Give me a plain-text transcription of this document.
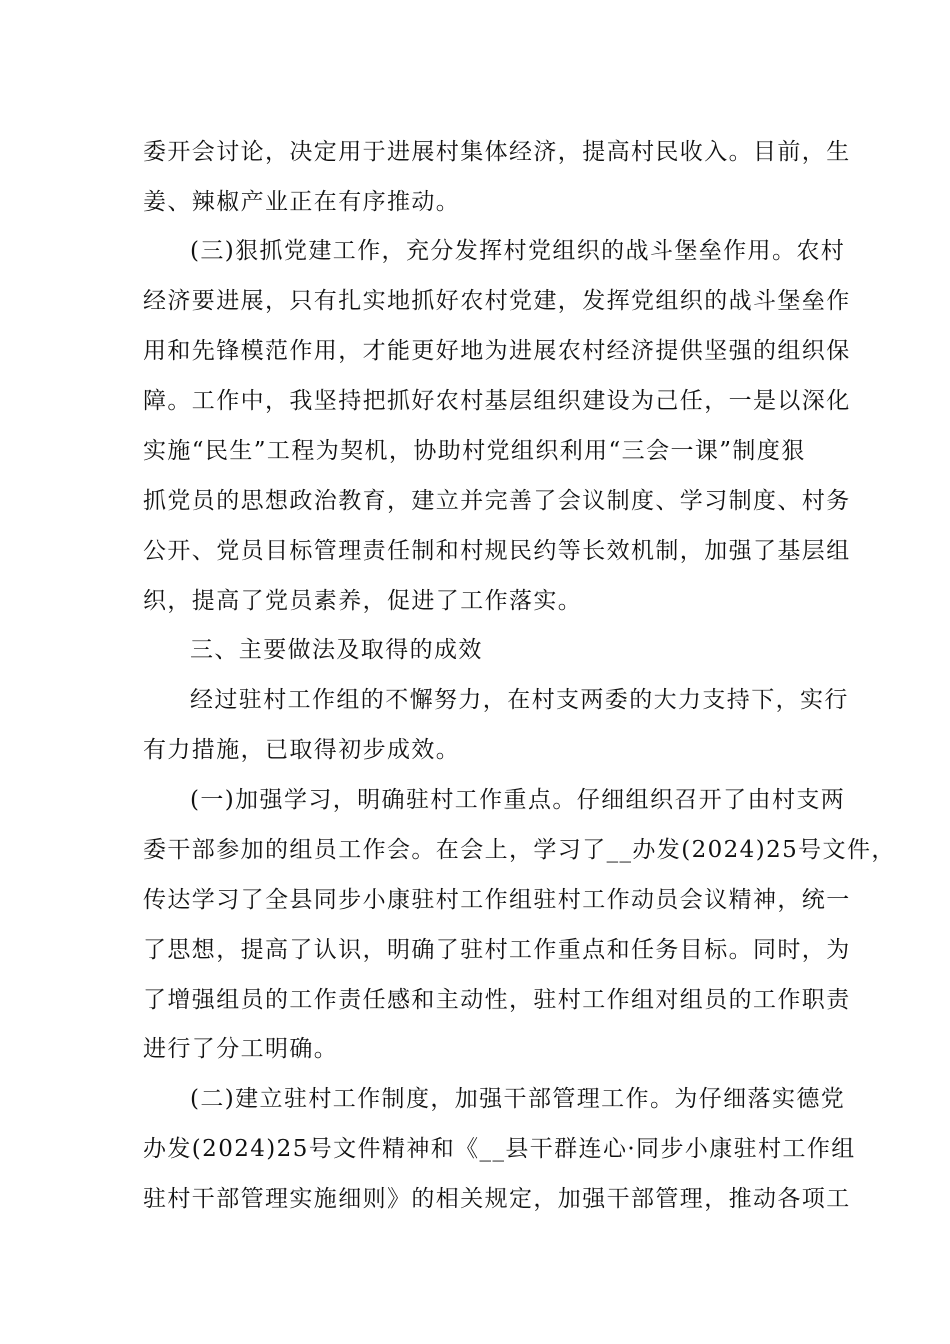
委开会讨论，决定用于进展村集体经济，提高村民收入。目前，生
姜、辣椒产业正在有序推动。
(三)狠抓党建工作，充分发挥村党组织的战斗堡垒作用。农村
经济要进展，只有扎实地抓好农村党建，发挥党组织的战斗堡垒作
用和先锋模范作用，才能更好地为进展农村经济提供坚强的组织保
障。工作中，我坚持把抓好农村基层组织建设为己任，一是以深化
实施“民生”工程为契机，协助村党组织利用“三会一课”制度狠
抓党员的思想政治教育，建立并完善了会议制度、学习制度、村务
公开、党员目标管理责任制和村规民约等长效机制，加强了基层组
织，提高了党员素养，促进了工作落实。
三、主要做法及取得的成效
经过驻村工作组的不懈努力，在村支两委的大力支持下，实行
有力措施，已取得初步成效。
(一)加强学习，明确驻村工作重点。仔细组织召开了由村支两
委干部参加的组员工作会。在会上，学习了__办发(2024)25号文件，
传达学习了全县同步小康驻村工作组驻村工作动员会议精神，统一
了思想，提高了认识，明确了驻村工作重点和任务目标。同时，为
了增强组员的工作责任感和主动性，驻村工作组对组员的工作职责
进行了分工明确。
(二)建立驻村工作制度，加强干部管理工作。为仔细落实德党
办发(2024)25号文件精神和《__县干群连心·同步小康驻村工作组
驻村干部管理实施细则》的相关规定，加强干部管理，推动各项工
